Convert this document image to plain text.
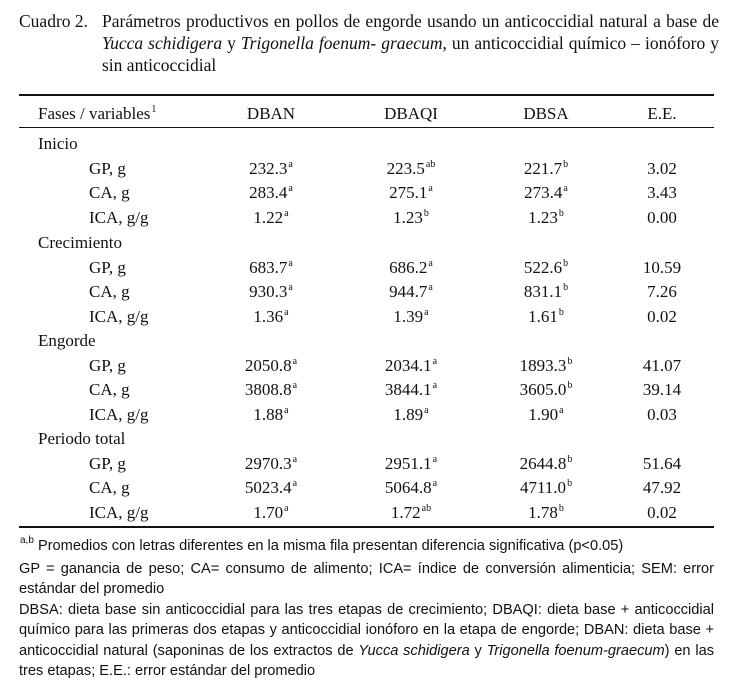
Cuadro 2. Parámetros productivos en pollos de engorde usando un anticoccidial natural a base de Yucca schidigera y Trigonella foenum- graecum, un anticoccidial químico – ionóforo y sin anticoccidial
Fases / variables$^1$	DBAN	DBAQI	DBSA	E.E.
Inicio
GP, g	232.3$^a$	223.5$^{ab}$	221.7$^b$	3.02
CA, g	283.4$^a$	275.1$^a$	273.4$^a$	3.43
ICA, g/g	1.22$^a$	1.23$^b$	1.23$^b$	0.00
Crecimiento
GP, g	683.7$^a$	686.2$^a$	522.6$^b$	10.59
CA, g	930.3$^a$	944.7$^a$	831.1$^b$	7.26
ICA, g/g	1.36$^a$	1.39$^a$	1.61$^b$	0.02
Engorde
GP, g	2050.8$^a$	2034.1$^a$	1893.3$^b$	41.07
CA, g	3808.8$^a$	3844.1$^a$	3605.0$^b$	39.14
ICA, g/g	1.88$^a$	1.89$^a$	1.90$^a$	0.03
Periodo total
GP, g	2970.3$^a$	2951.1$^a$	2644.8$^b$	51.64
CA, g	5023.4$^a$	5064.8$^a$	4711.0$^b$	47.92
ICA, g/g	1.70$^a$	1.72$^{ab}$	1.78$^b$	0.02

$^{a,b}$ Promedios con letras diferentes en la misma fila presentan diferencia significativa (p<0.05)

GP = ganancia de peso; CA= consumo de alimento; ICA= índice de conversión alimenticia; SEM: error estándar del promedio

DBSA: dieta base sin anticoccidial para las tres etapas de crecimiento; DBAQI: dieta base + anticoccidial químico para las primeras dos etapas y anticoccidial ionóforo en la etapa de engorde; DBAN: dieta base + anticoccidial natural (saponinas de los extractos de Yucca schidigera y Trigonella foenum-graecum) en las tres etapas; E.E.: error estándar del promedio
